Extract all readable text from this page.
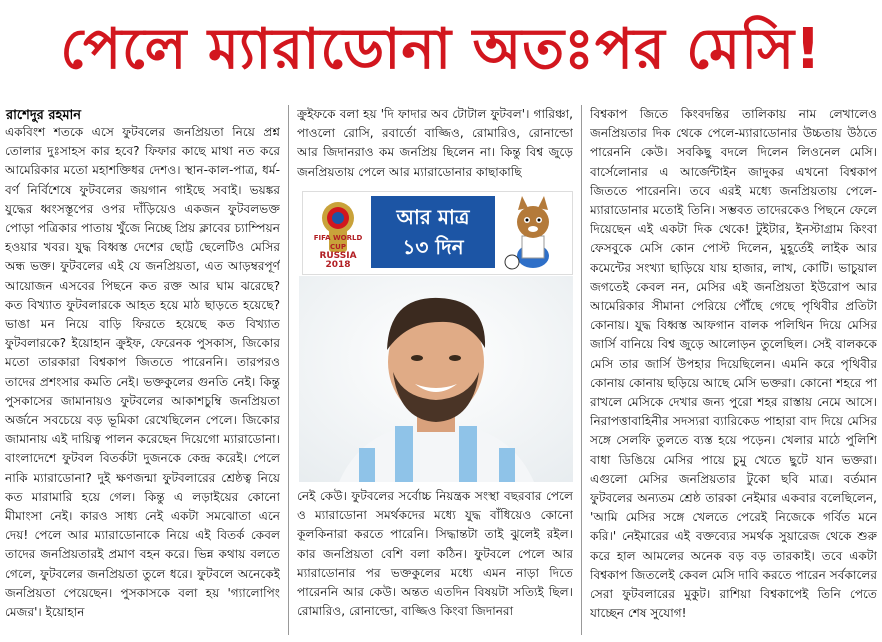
পেলে ম্যারাডোনা অতঃপর মেসি!
রাশেদুর রহমান
একবিংশ শতকে এসে ফুটবলের জনপ্রিয়তা নিয়ে প্রশ্ন তোলার দুঃসাহস কার হবে? ফিফার কাছে মাথা নত করে আমেরিকার মতো মহাশক্তিধর দেশও। স্থান-কাল-পাত্র, ধর্ম-বর্ণ নির্বিশেষে ফুটবলের জয়গান গাইছে সবাই। ভয়ঙ্কর যুদ্ধের ধ্বংসস্তূপের ওপর দাঁড়িয়েও একজন ফুটবলভক্ত পোড়া পত্রিকার পাতায় খুঁজে নিচ্ছে প্রিয় ক্লাবের চ্যাম্পিয়ন হওয়ার খবর। যুদ্ধ বিধ্বস্ত দেশের ছোট্ট ছেলেটিও মেসির অন্ধ ভক্ত। ফুটবলের এই যে জনপ্রিয়তা, এত আড়ম্বরপূর্ণ আয়োজন এসবের পিছনে কত রক্ত আর ঘাম ঝরেছে? কত বিখ্যাত ফুটবলারকে আহত হয়ে মাঠ ছাড়তে হয়েছে? ভাঙা মন নিয়ে বাড়ি ফিরতে হয়েছে কত বিখ্যাত ফুটবলারকে? ইয়োহান ক্রুইফ, ফেরেনক পুসকাস, জিকোর মতো তারকারা বিশ্বকাপ জিততে পারেননি। তারপরও তাদের প্রশংসার কমতি নেই। ভক্তকুলের গুনতি নেই। কিন্তু পুসকাসের জামানায়ও ফুটবলের আকাশচুম্বি জনপ্রিয়তা অর্জনে সবচেয়ে বড় ভূমিকা রেখেছিলেন পেলে। জিকোর জামানায় এই দায়িত্ব পালন করেছেন দিয়েগো ম্যারাডোনা। বাংলাদেশে ফুটবল বিতর্কটা দুজনকে কেন্দ্র করেই। পেলে নাকি ম্যারাডোনা? দুই ক্ষণজন্মা ফুটবলারের শ্রেষ্ঠত্ব নিয়ে কত মারামারি হয়ে গেল। কিন্তু এ লড়াইয়ের কোনো মীমাংসা নেই। কারও সাধ্য নেই একটা সমঝোতা এনে দেয়! পেলে আর ম্যারাডোনাকে নিয়ে এই বিতর্ক কেবল তাদের জনপ্রিয়তারই প্রমাণ বহন করে। ভিন্ন কথায় বলতে গেলে, ফুটবলের জনপ্রিয়তা তুলে ধরে। ফুটবলে অনেকেই জনপ্রিয়তা পেয়েছেন। পুসকাসকে বলা হয় 'গ্যালোপিং মেজর'। ইয়োহান
ক্রুইফকে বলা হয় 'দি ফাদার অব টোটাল ফুটবল'। গারিঞ্চা, পাওলো রোসি, রবার্তো বাজ্জিও, রোমারিও, রোনাল্ডো আর জিদানরাও কম জনপ্রিয় ছিলেন না। কিন্তু বিশ্ব জুড়ে জনপ্রিয়তায় পেলে আর ম্যারাডোনার কাছাকাছি
FIFA WORLD CUP
RUSSIA 2018
আর মাত্র
১৩ দিন
নেই কেউ। ফুটবলের সর্বোচ্চ নিয়ন্ত্রক সংস্থা বছরবার পেলে ও ম্যারাডোনা সমর্থকদের মধ্যে যুদ্ধ বাঁধিয়েও কোনো কূলকিনারা করতে পারেনি। সিদ্ধান্তটা তাই ঝুলেই রইল। কার জনপ্রিয়তা বেশি বলা কঠিন। ফুটবলে পেলে আর ম্যারাডোনার পর ভক্তকুলের মধ্যে এমন নাড়া দিতে পারেননি আর কেউ। অন্তত এতদিন বিষয়টা সত্যিই ছিল। রোমারিও, রোনাল্ডো, বাজ্জিও কিংবা জিদানরা
বিশ্বকাপ জিতে কিংবদন্তির তালিকায় নাম লেখালেও জনপ্রিয়তার দিক থেকে পেলে-ম্যারাডোনার উচ্চতায় উঠতে পারেননি কেউ। সবকিছু বদলে দিলেন লিওনেল মেসি। বার্সেলোনার এ আর্জেন্টাইন জাদুকর এখনো বিশ্বকাপ জিততে পারেননি। তবে এরই মধ্যে জনপ্রিয়তায় পেলে-ম্যারাডোনার মতোই তিনি। সম্ভবত তাদেরকেও পিছনে ফেলে দিয়েছেন এই একটা দিক থেকে! টুইটার, ইনস্টাগ্রাম কিংবা ফেসবুকে মেসি কোন পোস্ট দিলেন, মুহূর্তেই লাইক আর কমেন্টের সংখ্যা ছাড়িয়ে যায় হাজার, লাখ, কোটি। ভাচুয়াল জগতেই কেবল নন, মেসির এই জনপ্রিয়তা ইউরোপ আর আমেরিকার সীমানা পেরিয়ে পৌঁছে গেছে পৃথিবীর প্রতিটা কোনায়। যুদ্ধ বিধ্বস্ত আফগান বালক পলিথিন দিয়ে মেসির জার্সি বানিয়ে বিশ্ব জুড়ে আলোড়ন তুলেছিল। সেই বালককে মেসি তার জার্সি উপহার দিয়েছিলেন। এমনি করে পৃথিবীর কোনায় কোনায় ছড়িয়ে আছে মেসি ভক্তরা। কোনো শহরে পা রাখলে মেসিকে দেখার জন্য পুরো শহর রাস্তায় নেমে আসে। নিরাপত্তাবাহিনীর সদস্যরা ব্যারিকেড পাহারা বাদ দিয়ে মেসির সঙ্গে সেলফি তুলতে ব্যস্ত হয়ে পড়েন। খেলার মাঠে পুলিশি বাধা ডিঙিয়ে মেসির পায়ে চুমু খেতে ছুটে যান ভক্তরা। এগুলো মেসির জনপ্রিয়তার টুকো ছবি মাত্র। বর্তমান ফুটবলের অন্যতম শ্রেষ্ঠ তারকা নেইমার একবার বলেছিলেন, 'আমি মেসির সঙ্গে খেলতে পেরেই নিজেকে গর্বিত মনে করি।' নেইমারের এই বক্তব্যের সমর্থক সুয়ারেজ থেকে শুরু করে হাল আমলের অনেক বড় বড় তারকাই। তবে একটা বিশ্বকাপ জিতলেই কেবল মেসি দাবি করতে পারেন সর্বকালের সেরা ফুটবলারের মুকুট। রাশিয়া বিশ্বকাপেই তিনি পেতে যাচ্ছেন শেষ সুযোগ!
